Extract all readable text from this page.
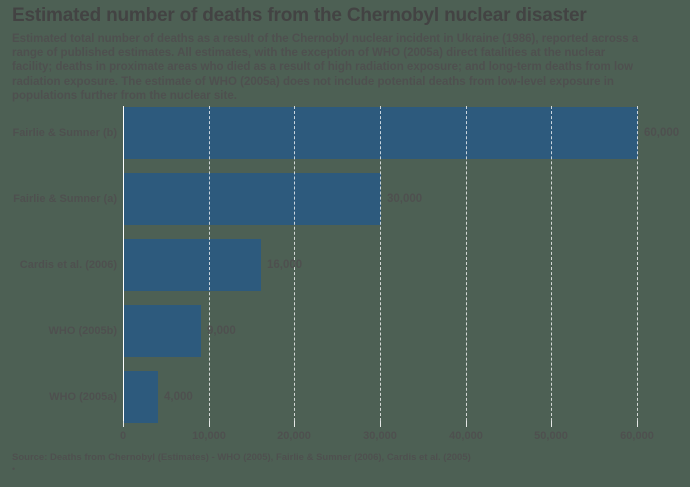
Estimated number of deaths from the Chernobyl nuclear disaster
Estimated total number of deaths as a result of the Chernobyl nuclear incident in Ukraine (1986), reported across a
range of published estimates. All estimates, with the exception of WHO (2005a) direct fatalities at the nuclear
facility; deaths in proximate areas who died as a result of high radiation exposure; and long-term deaths from low
radiation exposure. The estimate of WHO (2005a) does not include potential deaths from low-level exposure in
populations further from the nuclear site.
0	10,000	20,000	30,000	40,000	50,000	60,000
Fairlie & Sumner (b)	60,000
Fairlie & Sumner (a)	30,000
Cardis et al. (2006)	16,000
WHO (2005b)	9,000
WHO (2005a)	4,000
Source: Deaths from Chernobyl (Estimates) - WHO (2005), Fairlie & Sumner (2006), Cardis et al. (2005)
•
